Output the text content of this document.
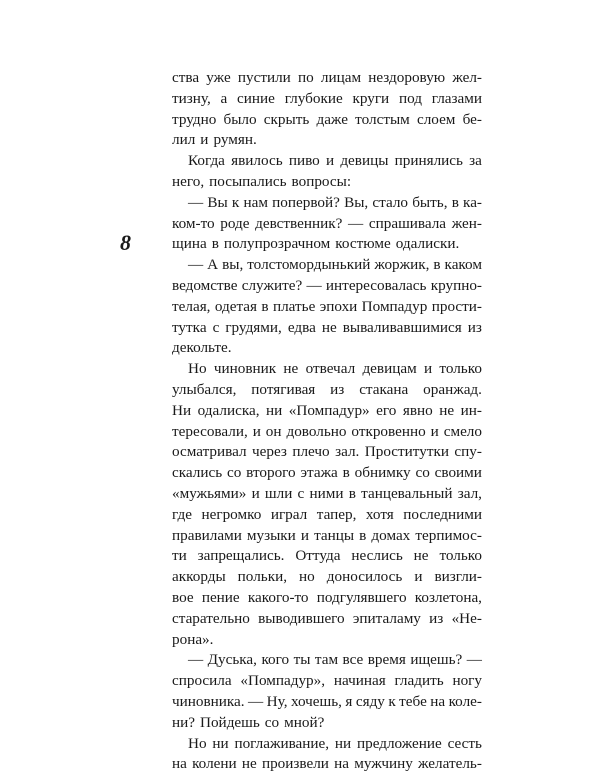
8
ства уже пустили по лицам нездоровую жел-
тизну, а синие глубокие круги под глазами
трудно было скрыть даже толстым слоем бе-
лил и румян.
Когда явилось пиво и девицы принялись за
него, посыпались вопросы:
— Вы к нам попервой? Вы, стало быть, в ка-
ком-то роде девственник? — спрашивала жен-
щина в полупрозрачном костюме одалиски.
— А вы, толстомордынький жоржик, в каком
ведомстве служите? — интересовалась крупно-
телая, одетая в платье эпохи Помпадур прости-
тутка с грудями, едва не вываливавшимися из
декольте.
Но чиновник не отвечал девицам и только
улыбался, потягивая из стакана оранжад.
Ни одалиска, ни «Помпадур» его явно не ин-
тересовали, и он довольно откровенно и смело
осматривал через плечо зал. Проститутки спу-
скались со второго этажа в обнимку со своими
«мужьями» и шли с ними в танцевальный зал,
где негромко играл тапер, хотя последними
правилами музыки и танцы в домах терпимос-
ти запрещались. Оттуда неслись не только
аккорды польки, но доносилось и визгли-
вое пение какого-то подгулявшего козлетона,
старательно выводившего эпиталаму из «Не-
рона».
— Дуська, кого ты там все время ищешь? —
спросила «Помпадур», начиная гладить ногу
чиновника. — Ну, хочешь, я сяду к тебе на коле-
ни? Пойдешь со мной?
Но ни поглаживание, ни предложение сесть
на колени не произвели на мужчину желатель-
